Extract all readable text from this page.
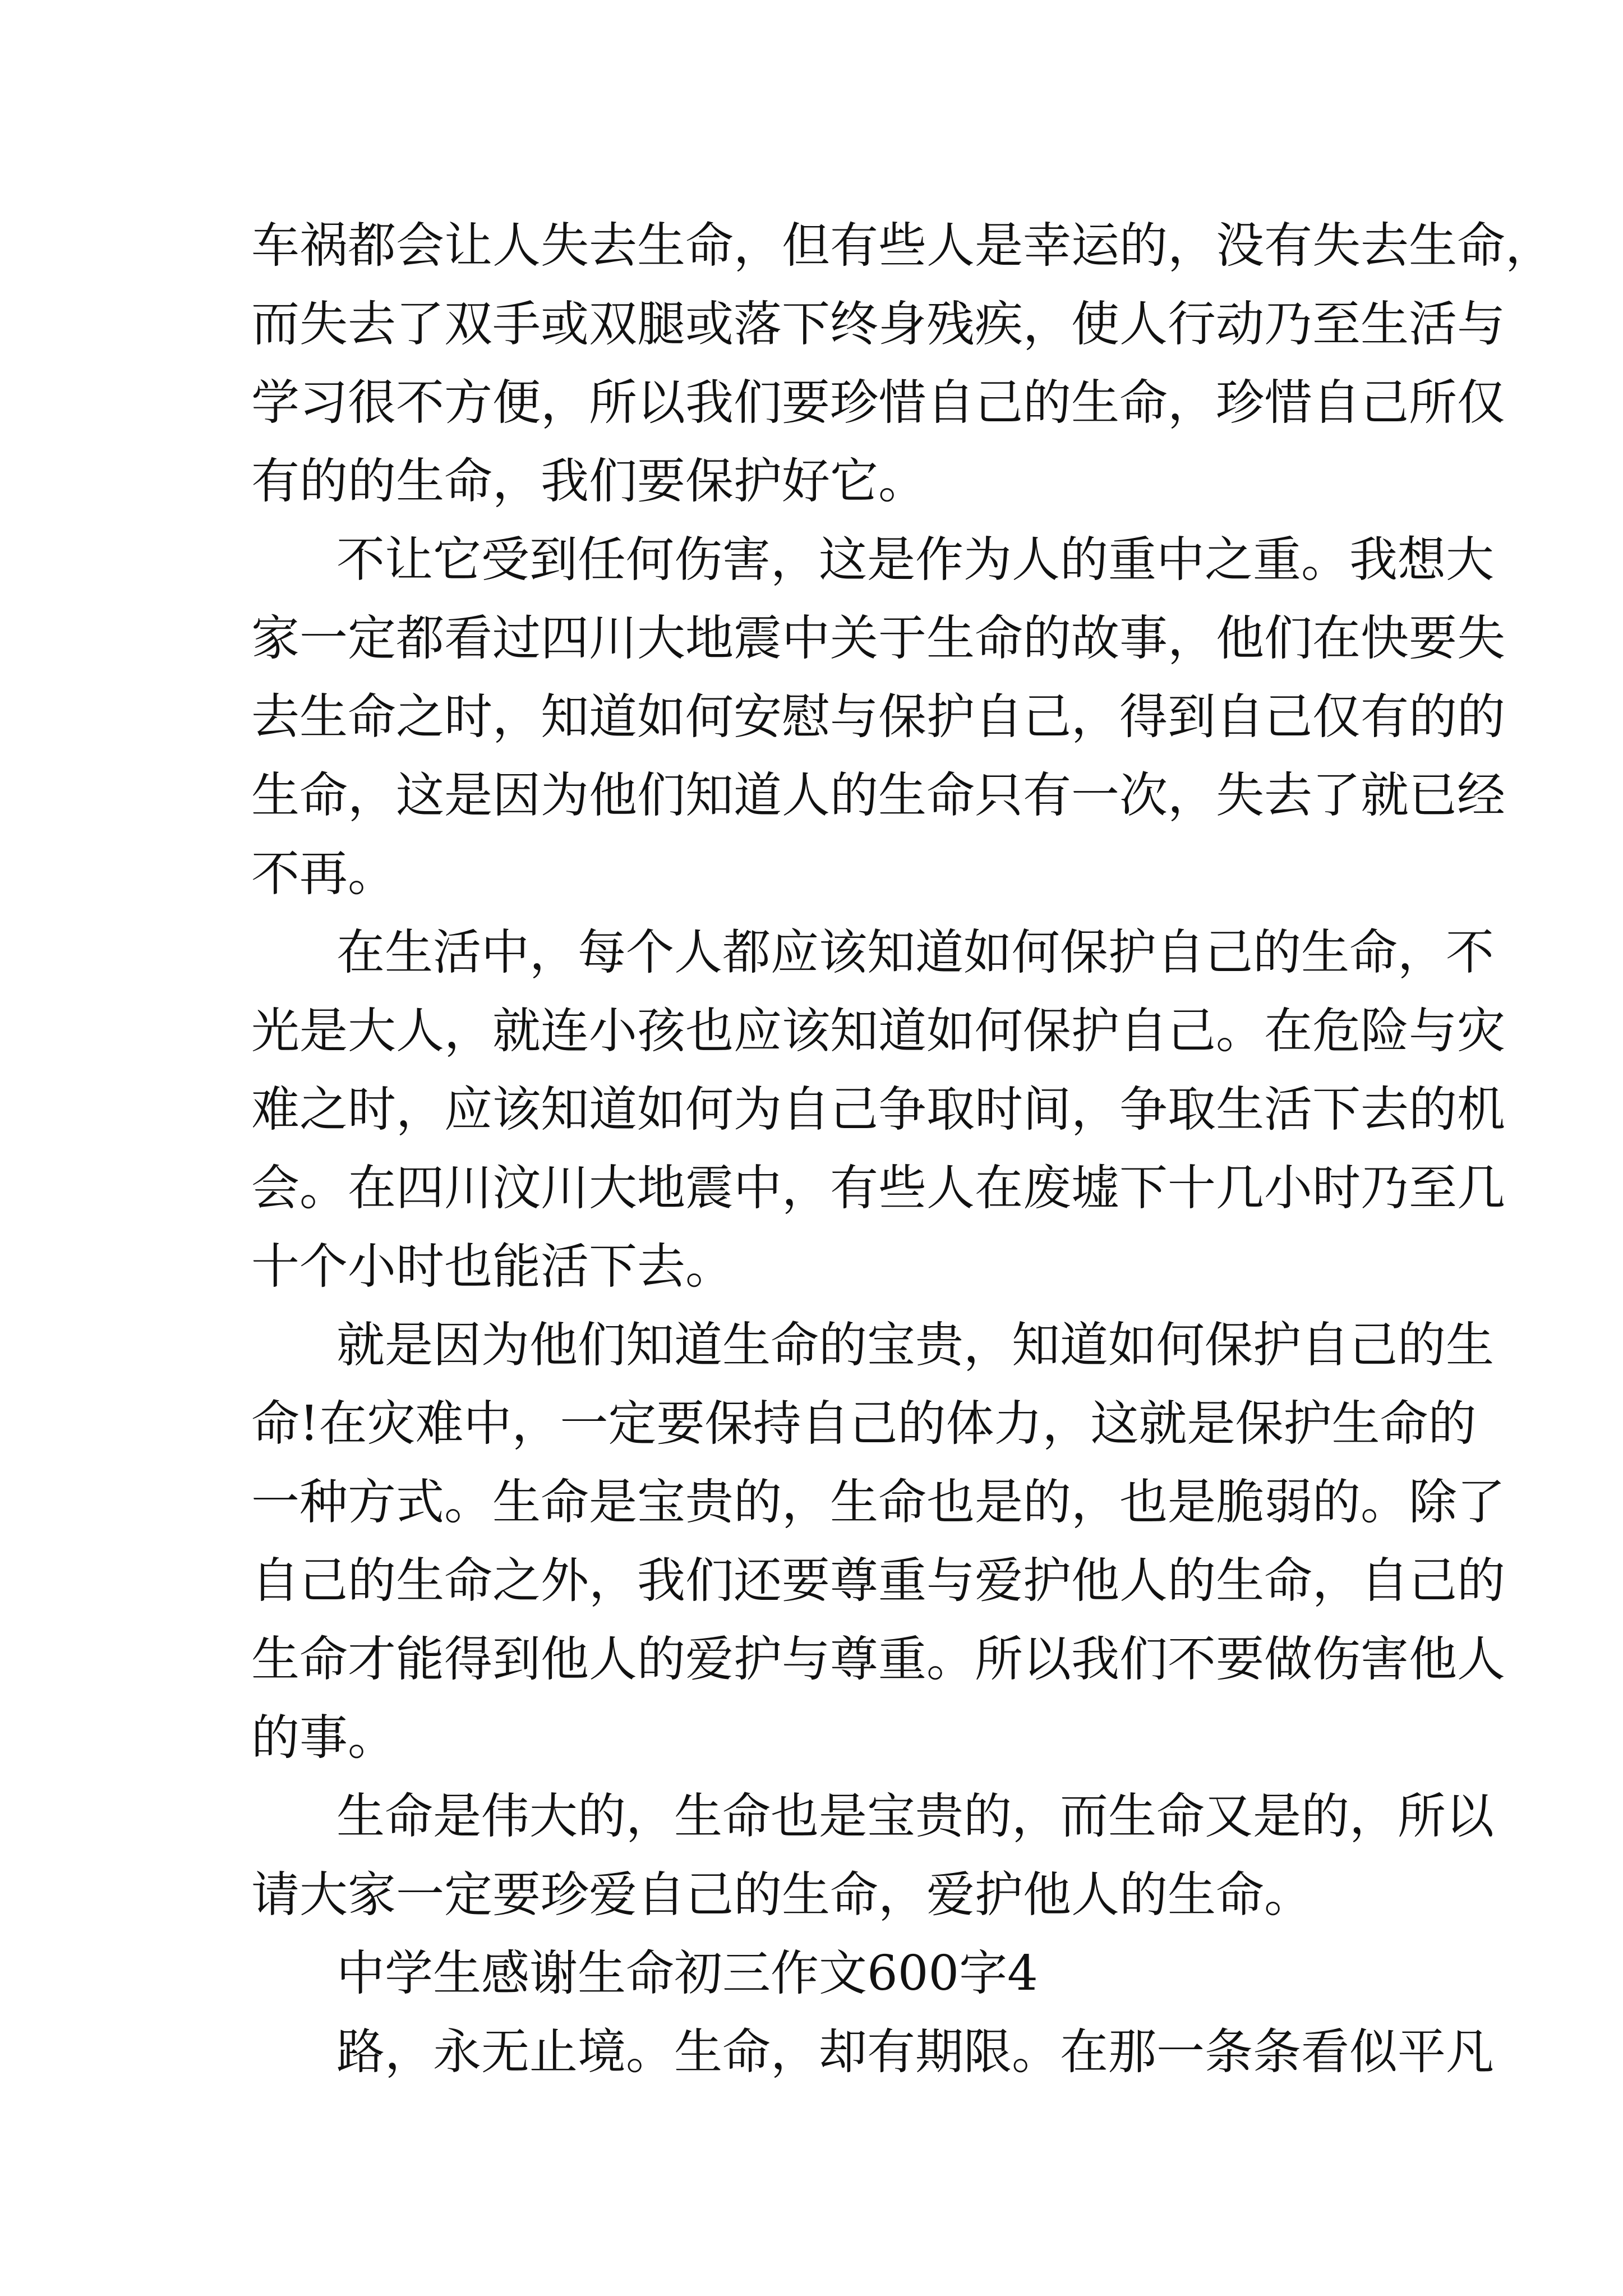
车祸都会让人失去生命，但有些人是幸运的，没有失去生命，
而失去了双手或双腿或落下终身残疾，使人行动乃至生活与
学习很不方便，所以我们要珍惜自己的生命，珍惜自己所仅
有的的生命，我们要保护好它。
不让它受到任何伤害，这是作为人的重中之重。我想大
家一定都看过四川大地震中关于生命的故事，他们在快要失
去生命之时，知道如何安慰与保护自己，得到自己仅有的的
生命，这是因为他们知道人的生命只有一次，失去了就已经
不再。
在生活中，每个人都应该知道如何保护自己的生命，不
光是大人，就连小孩也应该知道如何保护自己。在危险与灾
难之时，应该知道如何为自己争取时间，争取生活下去的机
会。在四川汶川大地震中，有些人在废墟下十几小时乃至几
十个小时也能活下去。
就是因为他们知道生命的宝贵，知道如何保护自己的生
命!在灾难中，一定要保持自己的体力，这就是保护生命的
一种方式。生命是宝贵的，生命也是的，也是脆弱的。除了
自己的生命之外，我们还要尊重与爱护他人的生命，自己的
生命才能得到他人的爱护与尊重。所以我们不要做伤害他人
的事。
生命是伟大的，生命也是宝贵的，而生命又是的，所以
请大家一定要珍爱自己的生命，爱护他人的生命。
中学生感谢生命初三作文600字4
路，永无止境。生命，却有期限。在那一条条看似平凡
